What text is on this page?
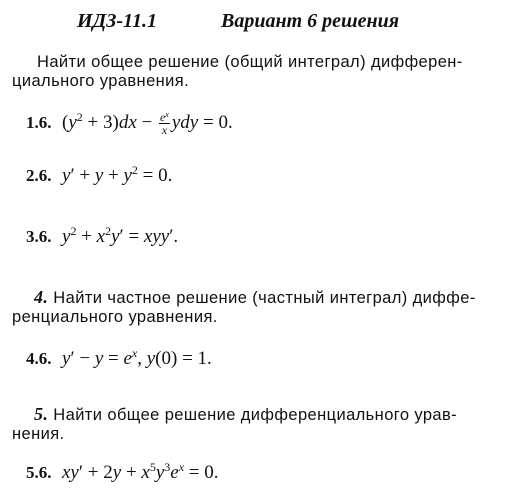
ИДЗ-11.1	Вариант 6 решения
Найти общее решение (общий интеграл) дифферен-
циального уравнения.
1.6. $(y^2 + 3)dx - \frac{e^x}{x}$ ydy = 0.
2.6. $y' + y + y^2 = 0$.
3.6. $y^2 + x^2y' = xyy'$.
4. Найти частное решение (частный интеграл) диффе-
ренциального уравнения.
4.6. $y' - y = e^x$, y(0) = 1.
5. Найти общее решение дифференциального урав-
нения.
5.6. $xy' + 2y + x^5y^3e^x = 0$.
